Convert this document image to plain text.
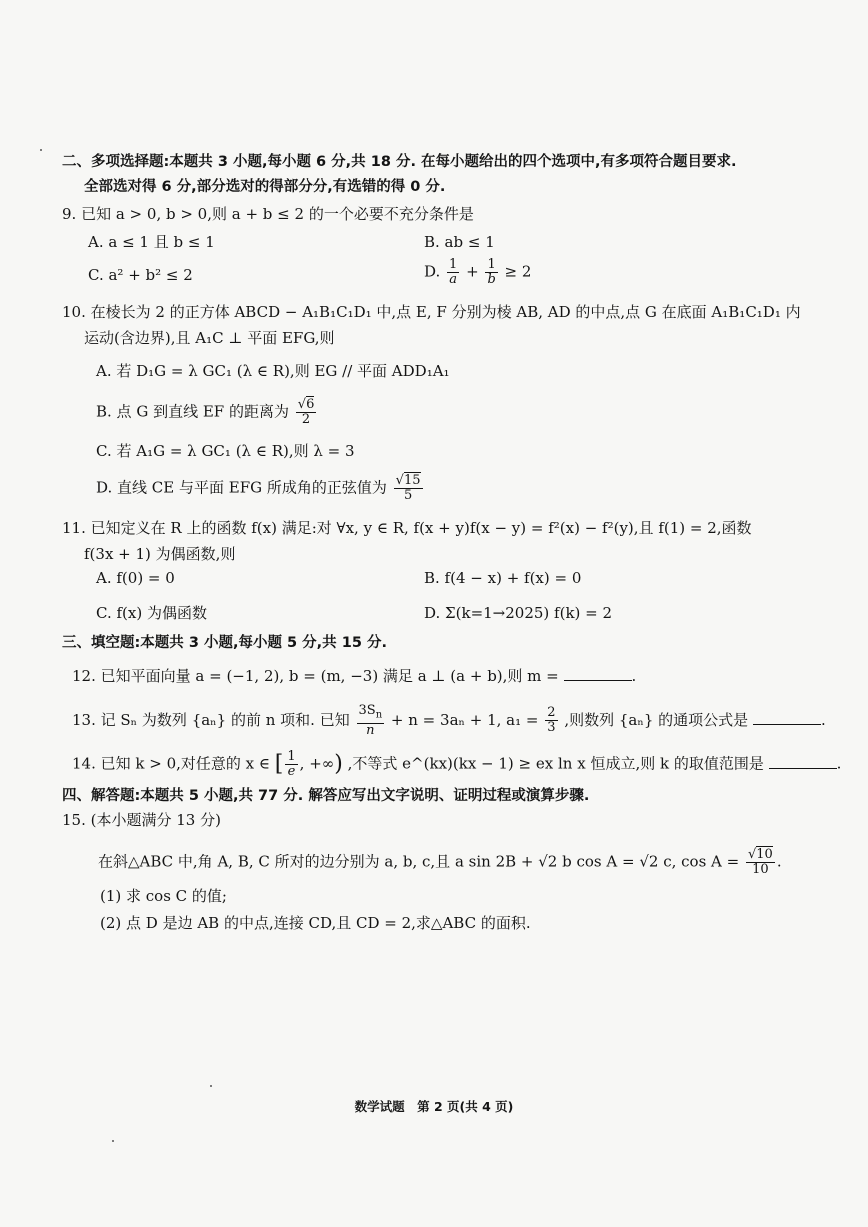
二、多项选择题:本题共 3 小题,每小题 6 分,共 18 分. 在每小题给出的四个选项中,有多项符合题目要求.
全部选对得 6 分,部分选对的得部分分,有选错的得 0 分.
9. 已知 a > 0, b > 0,则 a + b ≤ 2 的一个必要不充分条件是
A. a ≤ 1 且 b ≤ 1	B. ab ≤ 1
C. a² + b² ≤ 2	D. $\frac{1}{a} + \frac{1}{b} \ge 2$
10. 在棱长为 2 的正方体 ABCD − A₁B₁C₁D₁ 中,点 E, F 分别为棱 AB, AD 的中点,点 G 在底面 A₁B₁C₁D₁ 内
运动(含边界),且 A₁C ⊥ 平面 EFG,则
A. 若 D₁G = λ GC₁ (λ ∈ R),则 EG // 平面 ADD₁A₁
B. 点 G 到直线 EF 的距离为 $\frac{√6}{2}$
C. 若 A₁G = λ GC₁ (λ ∈ R),则 λ = 3
D. 直线 CE 与平面 EFG 所成角的正弦值为 $\frac{√15}{5}$
11. 已知定义在 R 上的函数 f(x) 满足:对 ∀x, y ∈ R, f(x + y)f(x − y) = f²(x) − f²(y),且 f(1) = 2,函数
f(3x + 1) 为偶函数,则
A. f(0) = 0	B. f(4 − x) + f(x) = 0
C. f(x) 为偶函数	D. Σ(k=1→2025) f(k) = 2
三、填空题:本题共 3 小题,每小题 5 分,共 15 分.
12. 已知平面向量 a = (−1, 2), b = (m, −3) 满足 a ⊥ (a + b),则 m =	.
13. 记 Sₙ 为数列 {aₙ} 的前 n 项和. 已知 $\frac{3S_n}{n} + n = 3a_n + 1$, $a_1 = \frac{2}{3}$ ,则数列 {aₙ} 的通项公式是	.
14. 已知 k > 0,对任意的 x ∈ [ $\frac{1}{e}$ , +∞) ,不等式 e^(kx)(kx − 1) ≥ ex ln x 恒成立,则 k 的取值范围是	.
四、解答题:本题共 5 小题,共 77 分. 解答应写出文字说明、证明过程或演算步骤.
15. (本小题满分 13 分)
在斜△ABC 中,角 A, B, C 所对的边分别为 a, b, c,且 a sin 2B + √2 b cos A = √2 c, $\cos A = \frac{√10}{10}$ .
(1) 求 cos C 的值;
(2) 点 D 是边 AB 的中点,连接 CD,且 CD = 2,求△ABC 的面积.
数学试题　第 2 页(共 4 页)
